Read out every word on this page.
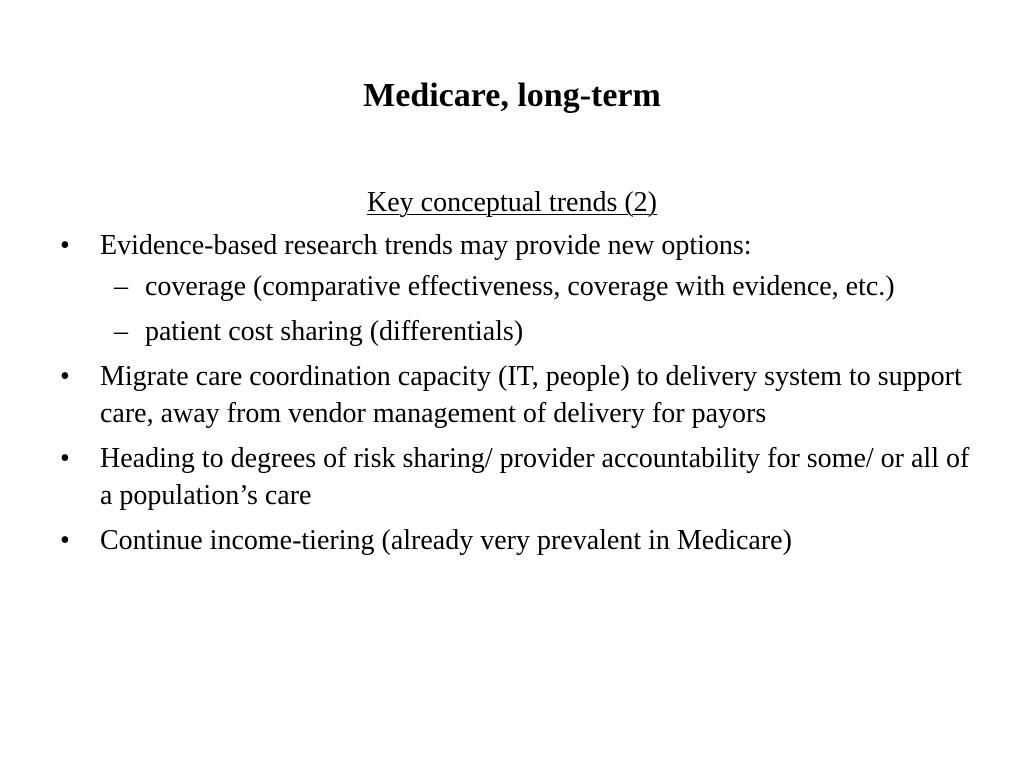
Medicare, long-term
Key conceptual trends (2)
• Evidence-based research trends may provide new options:
– coverage (comparative effectiveness, coverage with evidence, etc.)
– patient cost sharing (differentials)
• Migrate care coordination capacity (IT, people) to delivery system to support care, away from vendor management of delivery for payors
• Heading to degrees of risk sharing/ provider accountability for some/ or all of a population’s care
• Continue income-tiering (already very prevalent in Medicare)
